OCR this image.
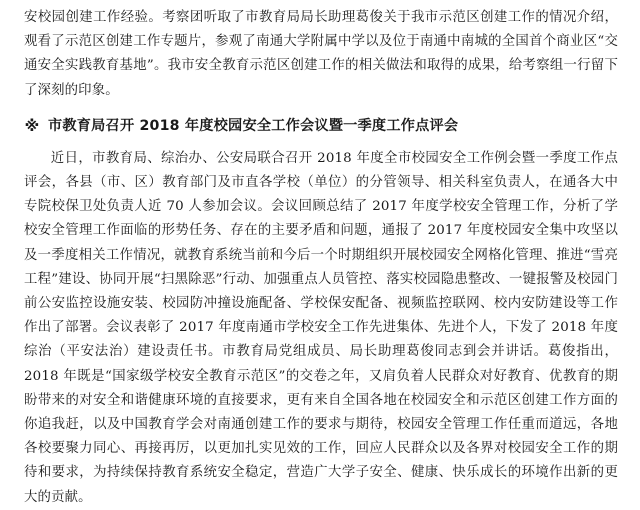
安校园创建工作经验。考察团听取了市教育局局长助理葛俊关于我市示范区创建工作的情况介绍，观看了示范区创建工作专题片，参观了南通大学附属中学以及位于南通中南城的全国首个商业区“交通安全实践教育基地”。我市安全教育示范区创建工作的相关做法和取得的成果，给考察组一行留下了深刻的印象。

※ 市教育局召开 2018 年度校园安全工作会议暨一季度工作点评会

近日，市教育局、综治办、公安局联合召开 2018 年度全市校园安全工作例会暨一季度工作点评会，各县（市、区）教育部门及市直各学校（单位）的分管领导、相关科室负责人，在通各大中专院校保卫处负责人近 70 人参加会议。会议回顾总结了 2017 年度学校安全管理工作，分析了学校安全管理工作面临的形势任务、存在的主要矛盾和问题，通报了 2017 年度校园安全集中攻坚以及一季度相关工作情况，就教育系统当前和今后一个时期组织开展校园安全网格化管理、推进“雪亮工程”建设、协同开展“扫黑除恶”行动、加强重点人员管控、落实校园隐患整改、一键报警及校园门前公安监控设施安装、校园防冲撞设施配备、学校保安配备、视频监控联网、校内安防建设等工作作出了部署。会议表彰了 2017 年度南通市学校安全工作先进集体、先进个人，下发了 2018 年度综治（平安法治）建设责任书。市教育局党组成员、局长助理葛俊同志到会并讲话。葛俊指出，2018 年既是“国家级学校安全教育示范区”的交卷之年，又肩负着人民群众对好教育、优教育的期盼带来的对安全和谐健康环境的直接要求，更有来自全国各地在校园安全和示范区创建工作方面的你追我赶，以及中国教育学会对南通创建工作的要求与期待，校园安全管理工作任重而道远，各地各校要聚力同心、再接再厉，以更加扎实见效的工作，回应人民群众以及各界对校园安全工作的期待和要求，为持续保持教育系统安全稳定，营造广大学子安全、健康、快乐成长的环境作出新的更大的贡献。
